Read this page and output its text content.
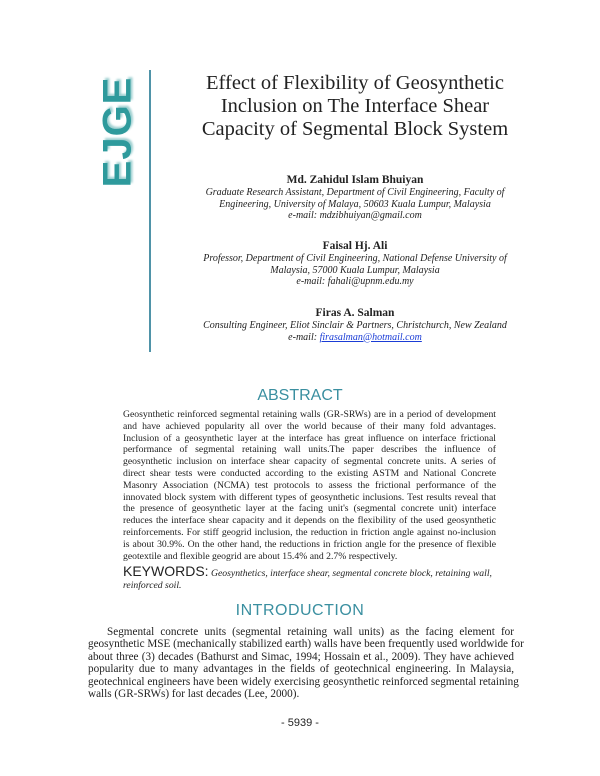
EJGE	Effect of Flexibility of Geosynthetic
Inclusion on The Interface Shear
Capacity of Segmental Block System
Md. Zahidul Islam Bhuiyan
Graduate Research Assistant, Department of Civil Engineering, Faculty of
Engineering, University of Malaya, 50603 Kuala Lumpur, Malaysia
e-mail: mdzibhuiyan@gmail.com
Faisal Hj. Ali
Professor, Department of Civil Engineering, National Defense University of
Malaysia, 57000 Kuala Lumpur, Malaysia
e-mail: fahali@upnm.edu.my
Firas A. Salman
Consulting Engineer, Eliot Sinclair & Partners, Christchurch, New Zealand
e-mail: firasalman@hotmail.com
ABSTRACT
Geosynthetic reinforced segmental retaining walls (GR-SRWs) are in a period of development
and have achieved popularity all over the world because of their many fold advantages.
Inclusion of a geosynthetic layer at the interface has great influence on interface frictional
performance of segmental retaining wall units.The paper describes the influence of
geosynthetic inclusion on interface shear capacity of segmental concrete units. A series of
direct shear tests were conducted according to the existing ASTM and National Concrete
Masonry Association (NCMA) test protocols to assess the frictional performance of the
innovated block system with different types of geosynthetic inclusions. Test results reveal that
the presence of geosynthetic layer at the facing unit's (segmental concrete unit) interface
reduces the interface shear capacity and it depends on the flexibility of the used geosynthetic
reinforcements. For stiff geogrid inclusion, the reduction in friction angle against no-inclusion
is about 30.9%. On the other hand, the reductions in friction angle for the presence of flexible
geotextile and flexible geogrid are about 15.4% and 2.7% respectively.
KEYWORDS: Geosynthetics, interface shear, segmental concrete block, retaining wall, reinforced soil.
INTRODUCTION
Segmental concrete units (segmental retaining wall units) as the facing element for
geosynthetic MSE (mechanically stabilized earth) walls have been frequently used worldwide for
about three (3) decades (Bathurst and Simac, 1994; Hossain et al., 2009). They have achieved
popularity due to many advantages in the fields of geotechnical engineering. In Malaysia,
geotechnical engineers have been widely exercising geosynthetic reinforced segmental retaining
walls (GR-SRWs) for last decades (Lee, 2000).
- 5939 -
